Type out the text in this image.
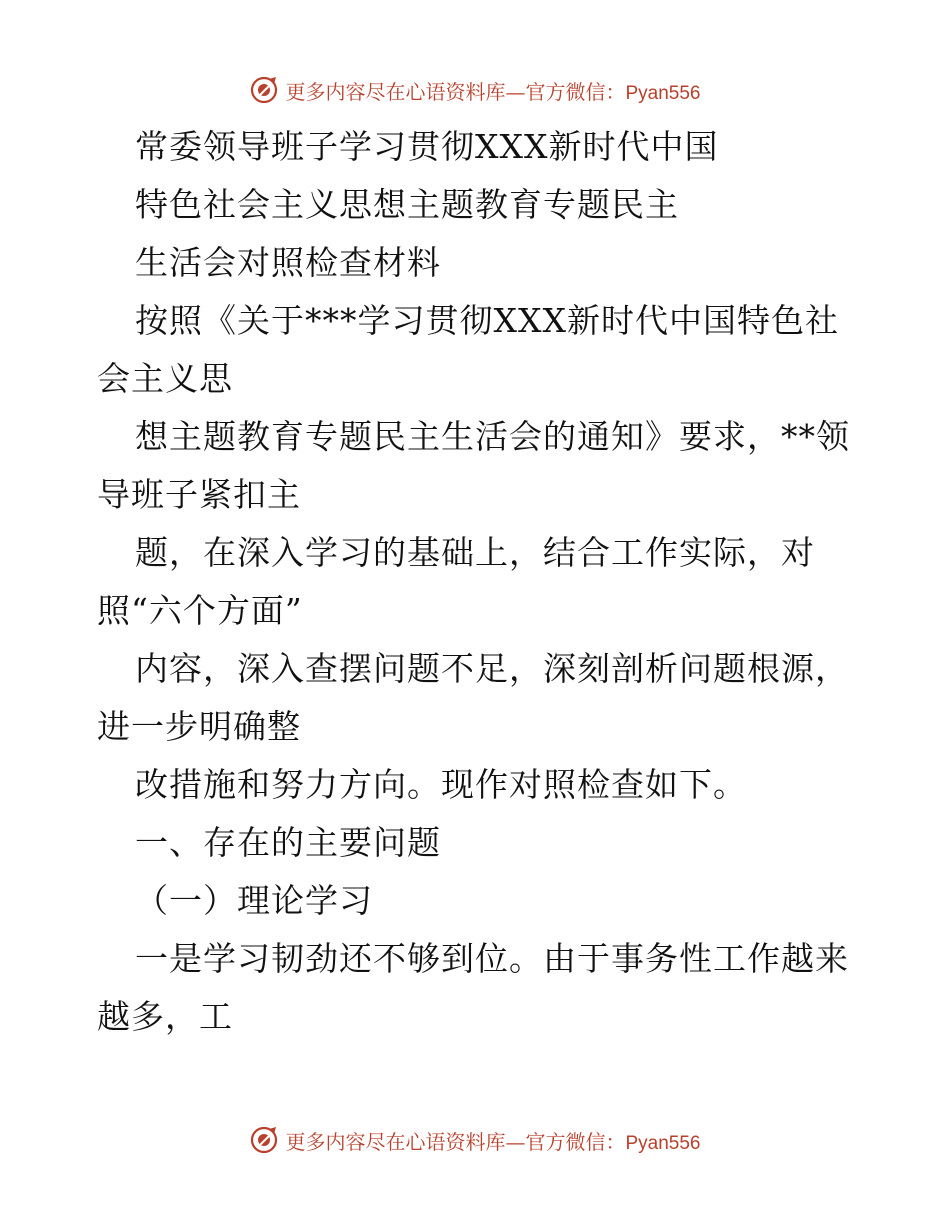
更多内容尽在心语资料库—官方微信：Pyan556
常委领导班子学习贯彻XXX新时代中国
特色社会主义思想主题教育专题民主
生活会对照检查材料
按照《关于***学习贯彻XXX新时代中国特色社
会主义思
想主题教育专题民主生活会的通知》要求，**领
导班子紧扣主
题，在深入学习的基础上，结合工作实际，对
照“六个方面”
内容，深入查摆问题不足，深刻剖析问题根源，
进一步明确整
改措施和努力方向。现作对照检查如下。
一、存在的主要问题
（一）理论学习
一是学习韧劲还不够到位。由于事务性工作越来
越多，工
更多内容尽在心语资料库—官方微信：Pyan556
